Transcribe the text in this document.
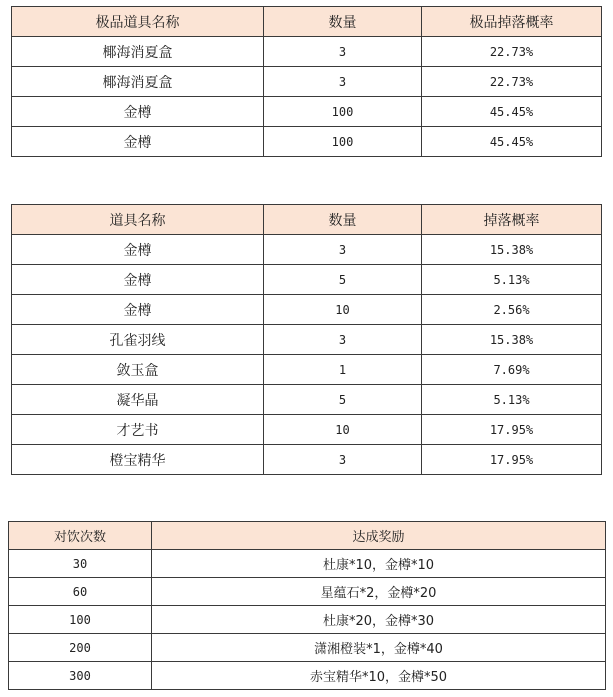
极品道具名称	数量	极品掉落概率
椰海消夏盒	3	22.73%
椰海消夏盒	3	22.73%
金樽	100	45.45%
金樽	100	45.45%
道具名称	数量	掉落概率
金樽	3	15.38%
金樽	5	5.13%
金樽	10	2.56%
孔雀羽线	3	15.38%
敛玉盒	1	7.69%
凝华晶	5	5.13%
才艺书	10	17.95%
橙宝精华	3	17.95%
对饮次数	达成奖励
30	杜康*10，金樽*10
60	星蕴石*2，金樽*20
100	杜康*20，金樽*30
200	潇湘橙装*1，金樽*40
300	赤宝精华*10，金樽*50
